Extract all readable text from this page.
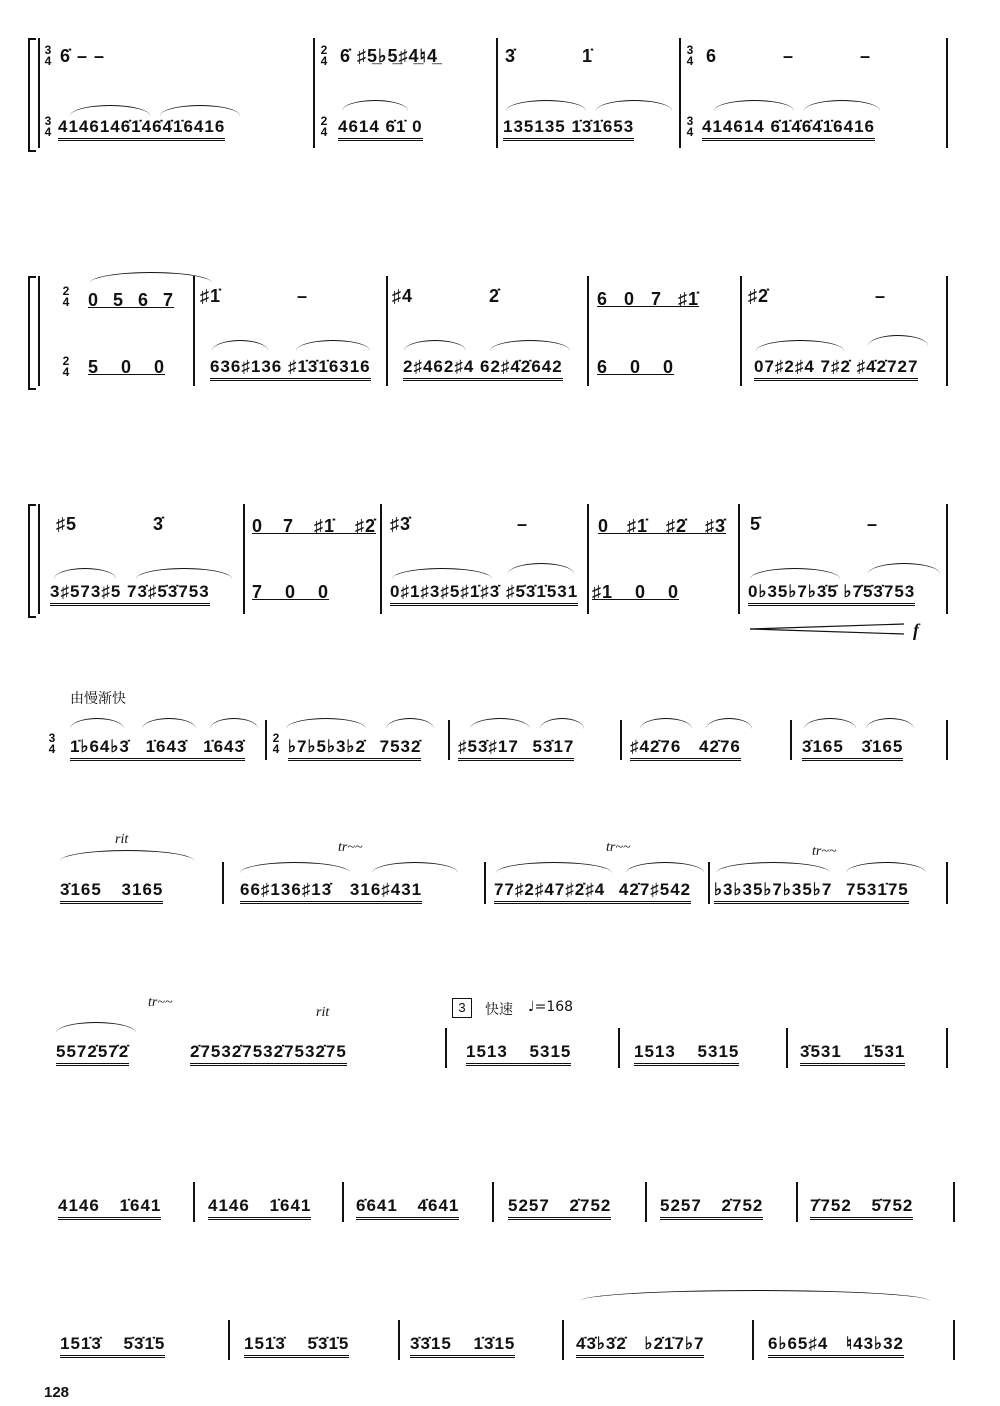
3
4
3
4
2
4
2
4
3
4
3
4
6̇ – –	6̇ ♯5̲♭5̲♯4̲♮4̲	3̇ 1̇	6 – –
4146146̇1̇46̇4̇1̇6416	4614 6̇1̇ 0	135135 1̇3̇1̇653	414614 6̇1̇4̇6̇4̇1̇6416
2
4
2
4
0 5 6 7 ♯1̇ –	♯4 2̇	6 0 7 ♯1̇	♯2̇ –
5 0 0	636♯136 ♯1̇3̇1̇6316 2♯462♯4 62♯4̇2̇642 6 0 0	07♯2♯4 7♯2̇ ♯4̇2̇727
♯5 3̇	0 7 ♯1̇ ♯2̇ ♯3̇ –	0 ♯1̇ ♯2̇ ♯3̇ 5̇ –
3♯573♯5 73̇♯5̇3̇753 7 0 0	0♯1♯3♯5♯1̇♯3̇ ♯5̇3̇1̇531 ♯1 0 0	0♭35♭7♭3̇5̇ ♭7̇5̇3̇753
f
由慢渐快
3
4 1̇♭64♭3̇ 1̇643̇ 1̇643̇ 2
4 ♭7♭5♭3♭2̇ 7532̇ ♯53̇♯17 53̇17	♯42̇76 42̇76	3̇165 3̇165
rit
3̇165 3165
tr~~
66♯136♯13̇ 316♯431
tr~~
77♯2♯47♯2̇♯4 42̇7♯542
tr~~
♭3♭35♭7♭35♭7 7531̇75
tr~~
5572̇57̇2̇
rit
2̇7532̇7532̇7532̇75
3	快速 ♩=168
1513 5315	1513 5315	3̇531 1̇531
4146 1̇641	4146 1̇641	6̇641 4̇641	5257 2̇752	5257 2̇752	7̇752 5̇752
151̇3̇ 5̇3̇1̇5	151̇3̇ 5̇3̇1̇5	3̇3̇15 1̇3̇15	4̇3̇♭3̇2̇ ♭2̇1̇7♭7	6♭65♯4 ♮43♭32
128
